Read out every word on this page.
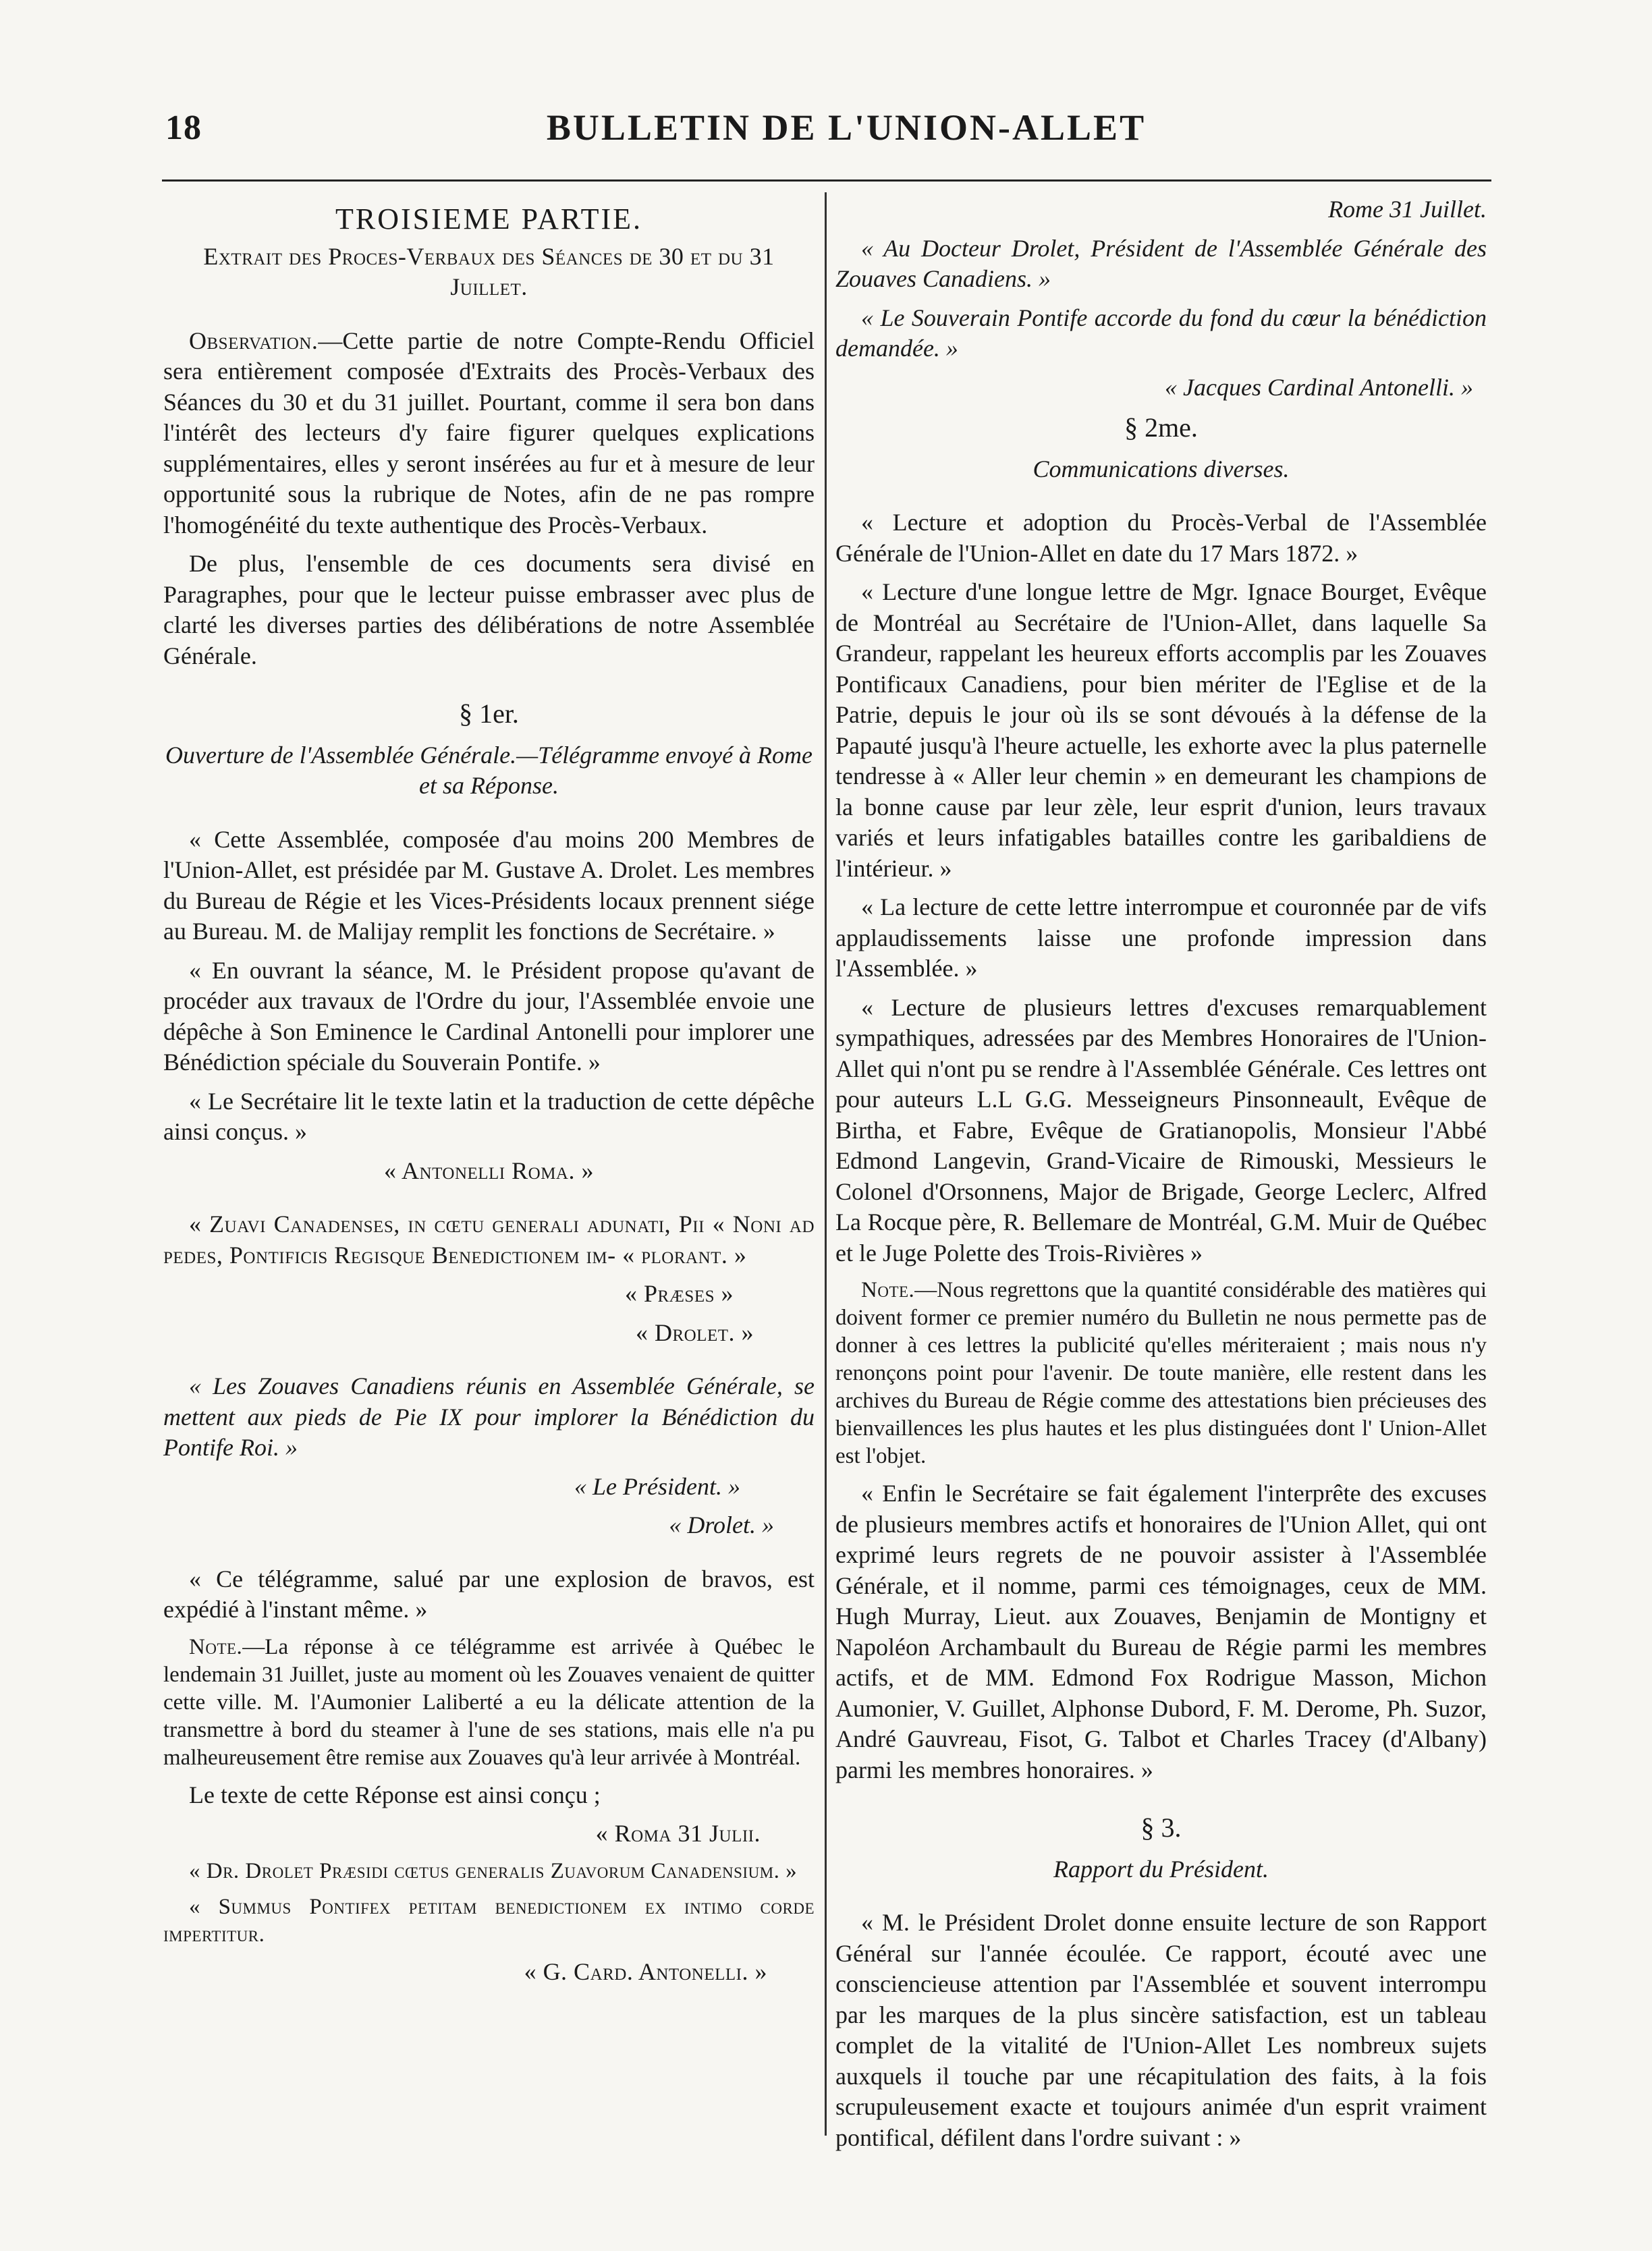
18	BULLETIN DE L'UNION-ALLET

TROISIEME PARTIE.

Extrait des Proces-Verbaux des Séances de 30 et du 31 Juillet.

Observation.—Cette partie de notre Compte-Rendu Officiel sera entièrement composée d'Extraits des Procès-Verbaux des Séances du 30 et du 31 juillet. Pourtant, comme il sera bon dans l'intérêt des lecteurs d'y faire figurer quelques explications supplémentaires, elles y seront insérées au fur et à mesure de leur opportunité sous la rubrique de Notes, afin de ne pas rompre l'homogénéité du texte authentique des Procès-Verbaux.

De plus, l'ensemble de ces documents sera divisé en Paragraphes, pour que le lecteur puisse embrasser avec plus de clarté les diverses parties des délibérations de notre Assemblée Générale.

§ 1er.

Ouverture de l'Assemblée Générale.—Télégramme envoyé à Rome et sa Réponse.

« Cette Assemblée, composée d'au moins 200 Membres de l'Union-Allet, est présidée par M. Gustave A. Drolet. Les membres du Bureau de Régie et les Vices-Présidents locaux prennent siége au Bureau. M. de Malijay remplit les fonctions de Secrétaire. »

« En ouvrant la séance, M. le Président propose qu'avant de procéder aux travaux de l'Ordre du jour, l'Assemblée envoie une dépêche à Son Eminence le Cardinal Antonelli pour implorer une Bénédiction spéciale du Souverain Pontife. »

« Le Secrétaire lit le texte latin et la traduction de cette dépêche ainsi conçus. »

« Antonelli Roma. »

« Zuavi Canadenses, in cœtu generali adunati, Pii « Noni ad pedes, Pontificis Regisque Benedictionem im- « plorant. »

« Præses »

« Drolet. »

« Les Zouaves Canadiens réunis en Assemblée Générale, se mettent aux pieds de Pie IX pour implorer la Bénédiction du Pontife Roi. »

« Le Président. »

« Drolet. »

« Ce télégramme, salué par une explosion de bravos, est expédié à l'instant même. »

Note.—La réponse à ce télégramme est arrivée à Québec le lendemain 31 Juillet, juste au moment où les Zouaves venaient de quitter cette ville. M. l'Aumonier Laliberté a eu la délicate attention de la transmettre à bord du steamer à l'une de ses stations, mais elle n'a pu malheureusement être remise aux Zouaves qu'à leur arrivée à Montréal.

Le texte de cette Réponse est ainsi conçu ;

« Roma 31 Julii.

« Dr. Drolet Præsidi cœtus generalis Zuavorum Canadensium. »

« Summus Pontifex petitam benedictionem ex intimo corde impertitur.

« G. Card. Antonelli. »

Rome 31 Juillet.

« Au Docteur Drolet, Président de l'Assemblée Générale des Zouaves Canadiens. »

« Le Souverain Pontife accorde du fond du cœur la bénédiction demandée. »

« Jacques Cardinal Antonelli. »

§ 2me.

Communications diverses.

« Lecture et adoption du Procès-Verbal de l'Assemblée Générale de l'Union-Allet en date du 17 Mars 1872. »

« Lecture d'une longue lettre de Mgr. Ignace Bourget, Evêque de Montréal au Secrétaire de l'Union-Allet, dans laquelle Sa Grandeur, rappelant les heureux efforts accomplis par les Zouaves Pontificaux Canadiens, pour bien mériter de l'Eglise et de la Patrie, depuis le jour où ils se sont dévoués à la défense de la Papauté jusqu'à l'heure actuelle, les exhorte avec la plus paternelle tendresse à « Aller leur chemin » en demeurant les champions de la bonne cause par leur zèle, leur esprit d'union, leurs travaux variés et leurs infatigables batailles contre les garibaldiens de l'intérieur. »

« La lecture de cette lettre interrompue et couronnée par de vifs applaudissements laisse une profonde impression dans l'Assemblée. »

« Lecture de plusieurs lettres d'excuses remarquablement sympathiques, adressées par des Membres Honoraires de l'Union-Allet qui n'ont pu se rendre à l'Assemblée Générale. Ces lettres ont pour auteurs L.L G.G. Messeigneurs Pinsonneault, Evêque de Birtha, et Fabre, Evêque de Gratianopolis, Monsieur l'Abbé Edmond Langevin, Grand-Vicaire de Rimouski, Messieurs le Colonel d'Orsonnens, Major de Brigade, George Leclerc, Alfred La Rocque père, R. Bellemare de Montréal, G.M. Muir de Québec et le Juge Polette des Trois-Rivières »

Note.—Nous regrettons que la quantité considérable des matières qui doivent former ce premier numéro du Bulletin ne nous permette pas de donner à ces lettres la publicité qu'elles mériteraient ; mais nous n'y renonçons point pour l'avenir. De toute manière, elle restent dans les archives du Bureau de Régie comme des attestations bien précieuses des bienvaillences les plus hautes et les plus distinguées dont l' Union-Allet est l'objet.

« Enfin le Secrétaire se fait également l'interprête des excuses de plusieurs membres actifs et honoraires de l'Union Allet, qui ont exprimé leurs regrets de ne pouvoir assister à l'Assemblée Générale, et il nomme, parmi ces témoignages, ceux de MM. Hugh Murray, Lieut. aux Zouaves, Benjamin de Montigny et Napoléon Archambault du Bureau de Régie parmi les membres actifs, et de MM. Edmond Fox Rodrigue Masson, Michon Aumonier, V. Guillet, Alphonse Dubord, F. M. Derome, Ph. Suzor, André Gauvreau, Fisot, G. Talbot et Charles Tracey (d'Albany) parmi les membres honoraires. »

§ 3.

Rapport du Président.

« M. le Président Drolet donne ensuite lecture de son Rapport Général sur l'année écoulée. Ce rapport, écouté avec une consciencieuse attention par l'Assemblée et souvent interrompu par les marques de la plus sincère satisfaction, est un tableau complet de la vitalité de l'Union-Allet Les nombreux sujets auxquels il touche par une récapitulation des faits, à la fois scrupuleusement exacte et toujours animée d'un esprit vraiment pontifical, défilent dans l'ordre suivant : »
